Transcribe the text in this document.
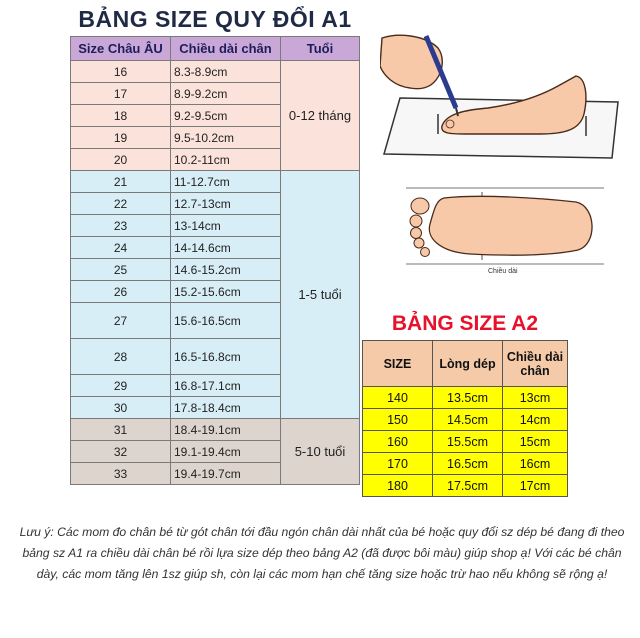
BẢNG SIZE QUY ĐỔI A1
Size Châu ÂU	Chiều dài chân	Tuổi
16	8.3-8.9cm	0-12 tháng
17	8.9-9.2cm	
18	9.2-9.5cm	
19	9.5-10.2cm	
20	10.2-11cm	
21	11-12.7cm	1-5 tuổi
22	12.7-13cm	
23	13-14cm	
24	14-14.6cm	
25	14.6-15.2cm	
26	15.2-15.6cm	
27	15.6-16.5cm	
28	16.5-16.8cm	
29	16.8-17.1cm	
30	17.8-18.4cm	
31	18.4-19.1cm	5-10 tuổi
32	19.1-19.4cm	
33	19.4-19.7cm	
Chiều dài
BẢNG SIZE A2
SIZE	Lòng dép	Chiều dài chân
140	13.5cm	13cm
150	14.5cm	14cm
160	15.5cm	15cm
170	16.5cm	16cm
180	17.5cm	17cm
Lưu ý: Các mom đo chân bé từ gót chân tới đầu ngón chân dài nhất của bé hoặc quy đổi sz dép bé đang đi theo bảng sz A1 ra chiều dài chân bé rồi lựa size dép theo bảng A2 (đã được bôi màu) giúp shop ạ! Với các bé chân dày, các mom tăng lên 1sz giúp sh, còn lại các mom hạn chế tăng size hoặc trừ hao nếu không sẽ rộng ạ!
